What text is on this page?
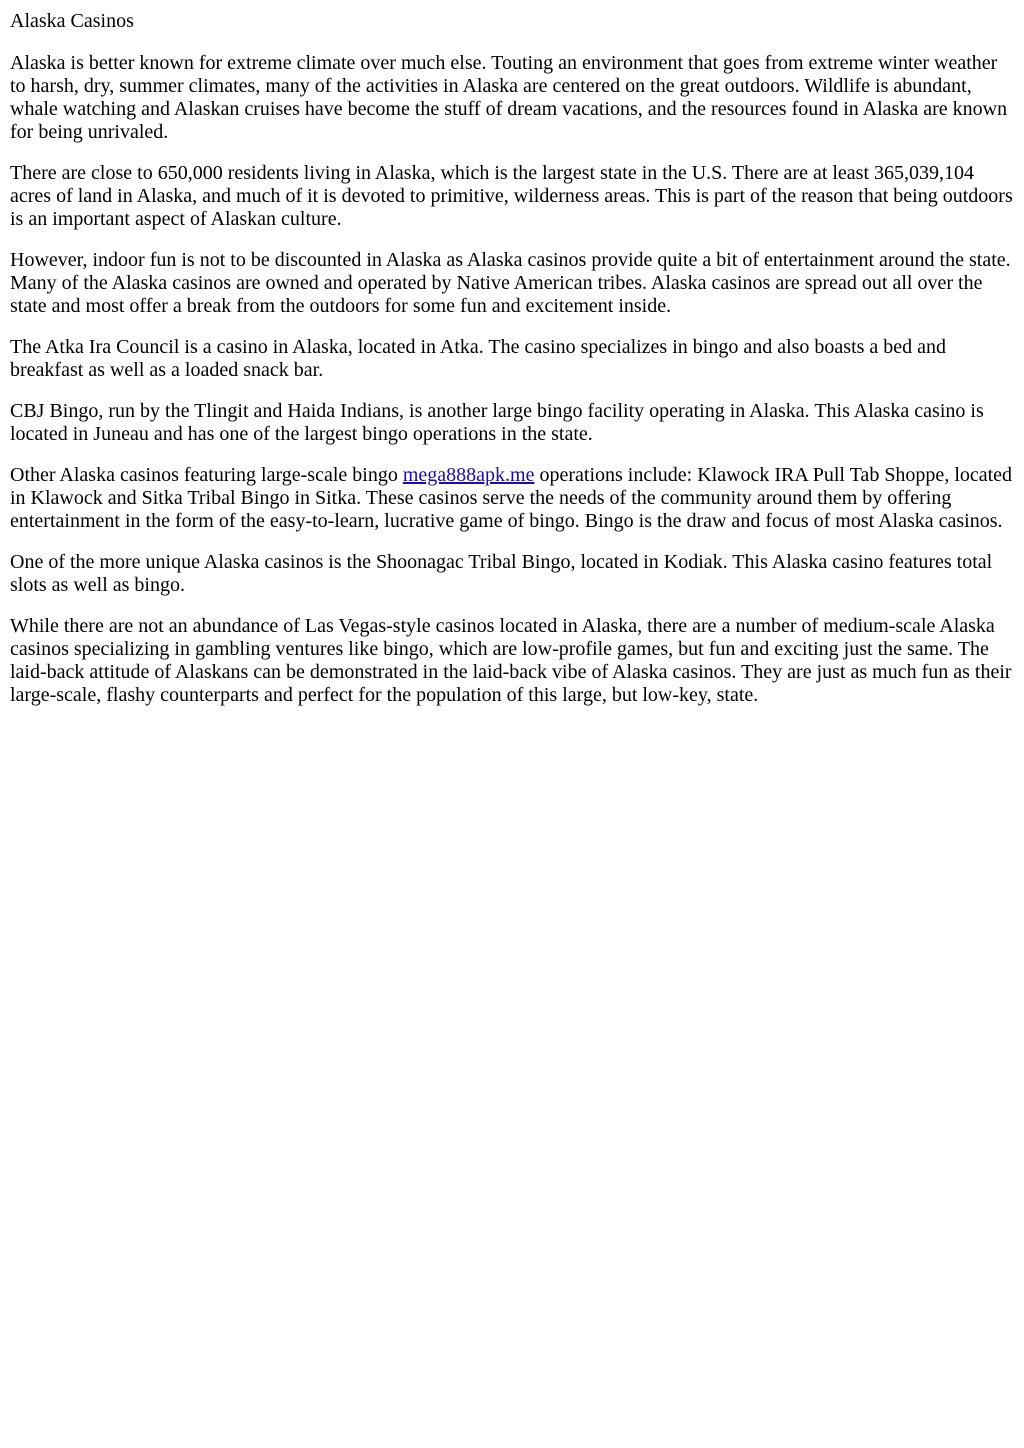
Alaska Casinos

Alaska is better known for extreme climate over much else. Touting an environment that goes from extreme winter weather to harsh, dry, summer climates, many of the activities in Alaska are centered on the great outdoors. Wildlife is abundant, whale watching and Alaskan cruises have become the stuff of dream vacations, and the resources found in Alaska are known for being unrivaled.

There are close to 650,000 residents living in Alaska, which is the largest state in the U.S. There are at least 365,039,104 acres of land in Alaska, and much of it is devoted to primitive, wilderness areas. This is part of the reason that being outdoors is an important aspect of Alaskan culture.

However, indoor fun is not to be discounted in Alaska as Alaska casinos provide quite a bit of entertainment around the state. Many of the Alaska casinos are owned and operated by Native American tribes. Alaska casinos are spread out all over the state and most offer a break from the outdoors for some fun and excitement inside.

The Atka Ira Council is a casino in Alaska, located in Atka. The casino specializes in bingo and also boasts a bed and breakfast as well as a loaded snack bar.

CBJ Bingo, run by the Tlingit and Haida Indians, is another large bingo facility operating in Alaska. This Alaska casino is located in Juneau and has one of the largest bingo operations in the state.

Other Alaska casinos featuring large-scale bingo mega888apk.me operations include: Klawock IRA Pull Tab Shoppe, located in Klawock and Sitka Tribal Bingo in Sitka. These casinos serve the needs of the community around them by offering entertainment in the form of the easy-to-learn, lucrative game of bingo. Bingo is the draw and focus of most Alaska casinos.

One of the more unique Alaska casinos is the Shoonagac Tribal Bingo, located in Kodiak. This Alaska casino features total slots as well as bingo.

While there are not an abundance of Las Vegas-style casinos located in Alaska, there are a number of medium-scale Alaska casinos specializing in gambling ventures like bingo, which are low-profile games, but fun and exciting just the same. The laid-back attitude of Alaskans can be demonstrated in the laid-back vibe of Alaska casinos. They are just as much fun as their large-scale, flashy counterparts and perfect for the population of this large, but low-key, state.
